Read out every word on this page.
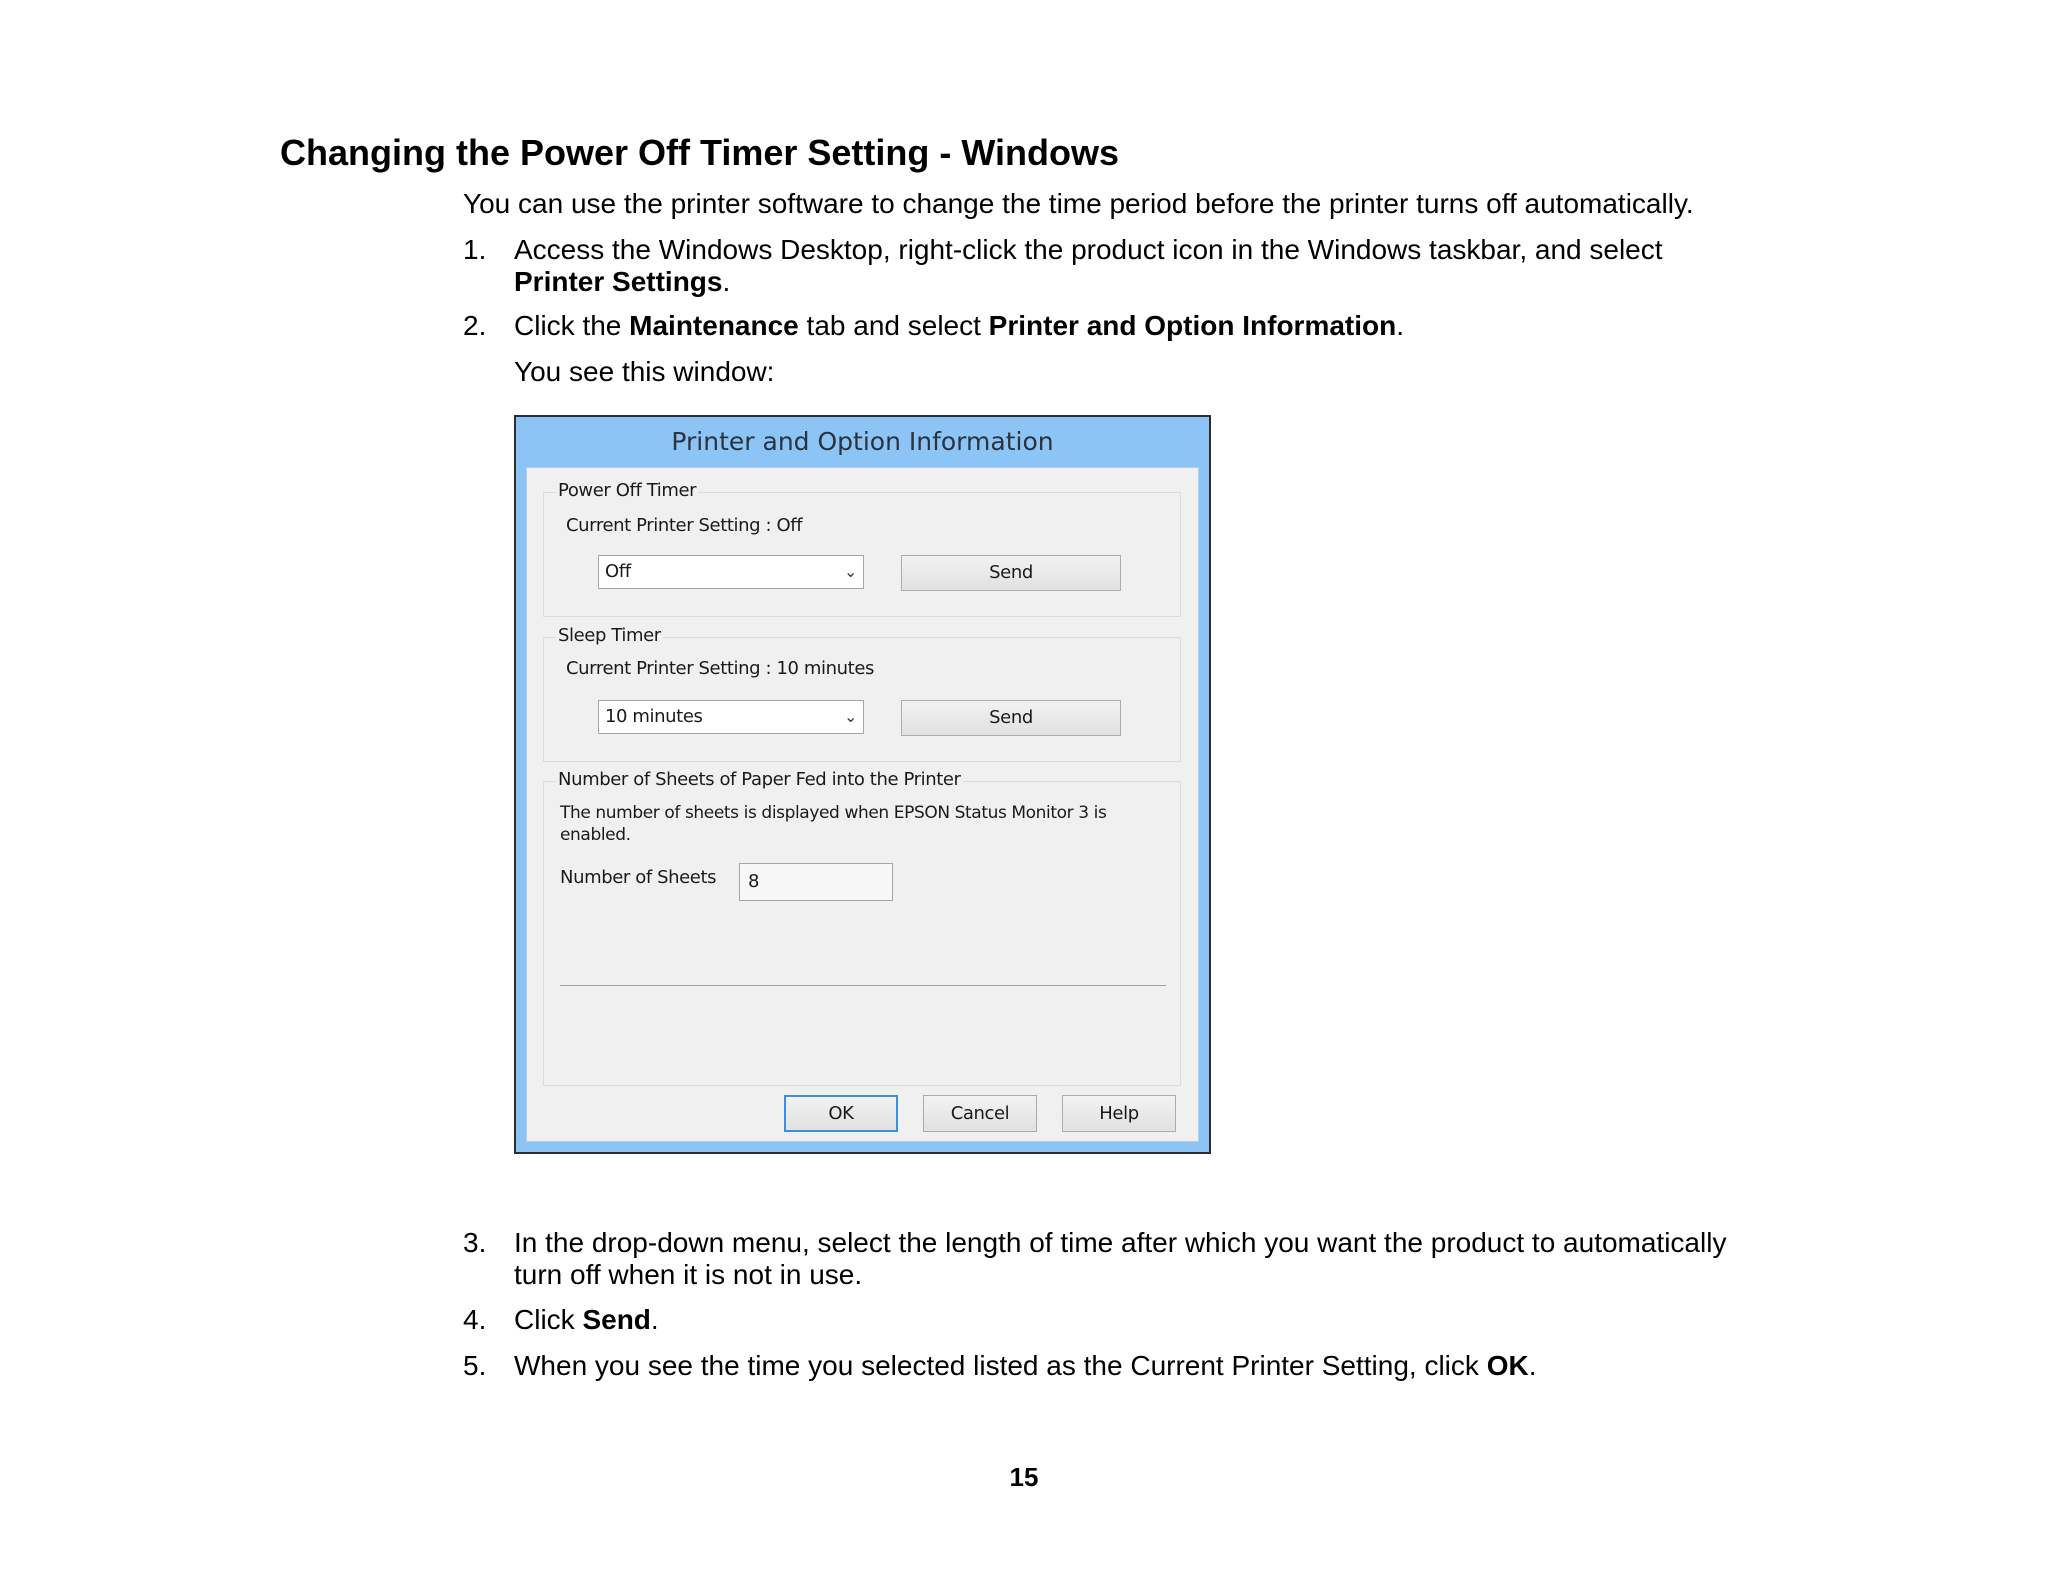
Changing the Power Off Timer Setting - Windows
You can use the printer software to change the time period before the printer turns off automatically.
1. Access the Windows Desktop, right-click the product icon in the Windows taskbar, and select
Printer Settings.
2. Click the Maintenance tab and select Printer and Option Information.
You see this window:
Printer and Option Information
Power Off Timer
Current Printer Setting : Off
Off	⌄	Send
Sleep Timer
Current Printer Setting : 10 minutes
10 minutes	⌄	Send
Number of Sheets of Paper Fed into the Printer
The number of sheets is displayed when EPSON Status Monitor 3 is enabled.
Number of Sheets	8
OK	Cancel	Help
3. In the drop-down menu, select the length of time after which you want the product to automatically
turn off when it is not in use.
4. Click Send.
5. When you see the time you selected listed as the Current Printer Setting, click OK.
15
